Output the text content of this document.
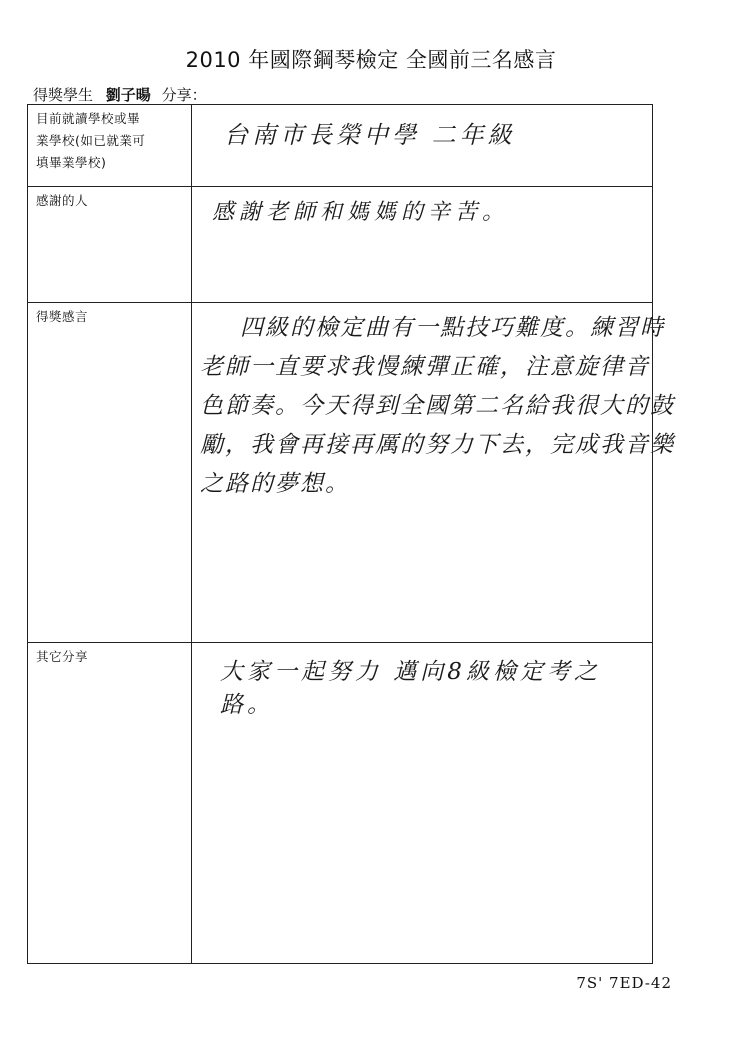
2010 年國際鋼琴檢定 全國前三名感言
得獎學生 劉子暘 分享：
目前就讀學校或畢
業學校(如已就業可
填畢業學校)	台南市長榮中學 二年級

感謝的人	感謝老師和媽媽的辛苦。

得獎感言	四級的檢定曲有一點技巧難度。練習時
老師一直要求我慢練彈正確，注意旋律音
色節奏。今天得到全國第二名給我很大的鼓
勵，我會再接再厲的努力下去，完成我音樂
之路的夢想。

其它分享	大家一起努力 邁向8級檢定考之路。
7S' 7ED-42
